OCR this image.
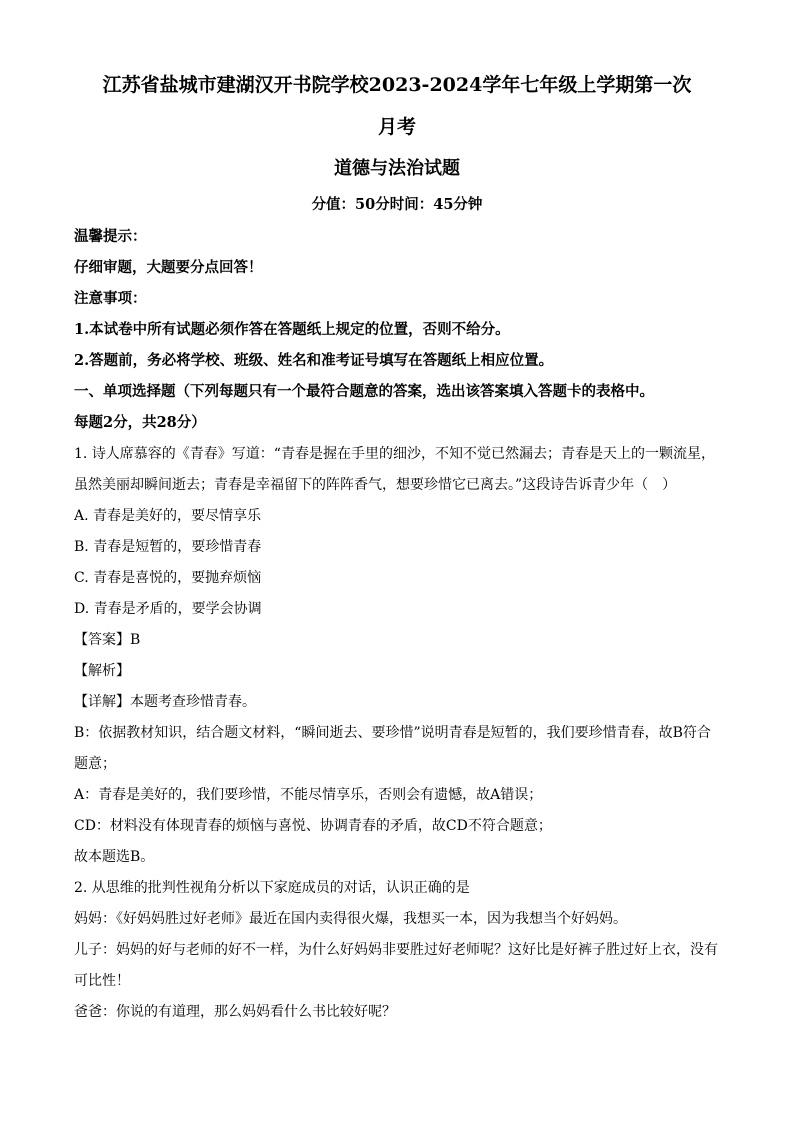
江苏省盐城市建湖汉开书院学校2023-2024学年七年级上学期第一次
月考
道德与法治试题
分值：50分时间：45分钟
温馨提示：
仔细审题，大题要分点回答！
注意事项：
1.本试卷中所有试题必须作答在答题纸上规定的位置，否则不给分。
2.答题前，务必将学校、班级、姓名和准考证号填写在答题纸上相应位置。
一、单项选择题（下列每题只有一个最符合题意的答案，选出该答案填入答题卡的表格中。
每题2分，共28分）
1. 诗人席慕容的《青春》写道：“青春是握在手里的细沙，不知不觉已然漏去；青春是天上的一颗流星，
虽然美丽却瞬间逝去；青春是幸福留下的阵阵香气，想要珍惜它已离去。”这段诗告诉青少年（　）
A. 青春是美好的，要尽情享乐
B. 青春是短暂的，要珍惜青春
C. 青春是喜悦的，要抛弃烦恼
D. 青春是矛盾的，要学会协调
【答案】B
【解析】
【详解】本题考查珍惜青春。
B：依据教材知识，结合题文材料，“瞬间逝去、要珍惜”说明青春是短暂的，我们要珍惜青春，故B符合
题意；
A：青春是美好的，我们要珍惜，不能尽情享乐，否则会有遗憾，故A错误；
CD：材料没有体现青春的烦恼与喜悦、协调青春的矛盾，故CD不符合题意；
故本题选B。
2. 从思维的批判性视角分析以下家庭成员的对话，认识正确的是
妈妈：《好妈妈胜过好老师》最近在国内卖得很火爆，我想买一本，因为我想当个好妈妈。
儿子：妈妈的好与老师的好不一样，为什么好妈妈非要胜过好老师呢？这好比是好裤子胜过好上衣，没有
可比性！
爸爸：你说的有道理，那么妈妈看什么书比较好呢？
